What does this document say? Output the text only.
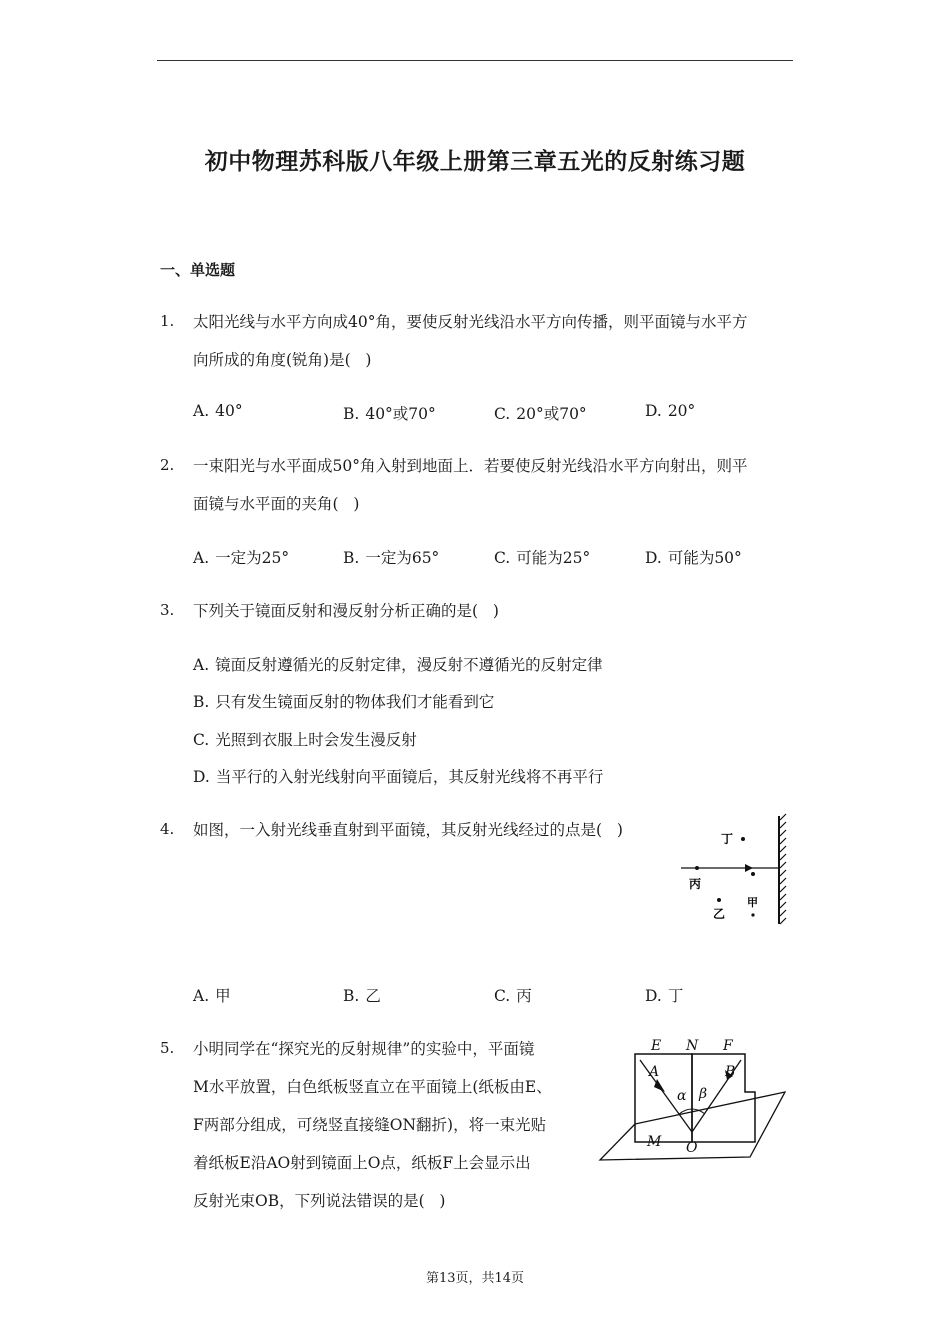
初中物理苏科版八年级上册第三章五光的反射练习题
一、单选题
1. 太阳光线与水平方向成40°角，要使反射光线沿水平方向传播，则平面镜与水平方
向所成的角度(锐角)是(   )
A. 40°	B. 40°或70°	C. 20°或70°	D. 20°
2. 一束阳光与水平面成50°角入射到地面上．若要使反射光线沿水平方向射出，则平
面镜与水平面的夹角(   )
A. 一定为25°	B. 一定为65°	C. 可能为25°	D. 可能为50°
3. 下列关于镜面反射和漫反射分析正确的是(   )
A. 镜面反射遵循光的反射定律，漫反射不遵循光的反射定律
B. 只有发生镜面反射的物体我们才能看到它
C. 光照到衣服上时会发生漫反射
D. 当平行的入射光线射向平面镜后，其反射光线将不再平行
4. 如图，一入射光线垂直射到平面镜，其反射光线经过的点是(   )	丁
丙
乙
甲
A. 甲	B. 乙	C. 丙	D. 丁
5. 小明同学在“探究光的反射规律”的实验中，平面镜
M水平放置，白色纸板竖直立在平面镜上(纸板由E、
F两部分组成，可绕竖直接缝ON翻折)，将一束光贴
着纸板E沿AO射到镜面上O点，纸板F上会显示出
反射光束OB，下列说法错误的是(   )
E N F
A	B
α β
O
M
第13页，共14页
